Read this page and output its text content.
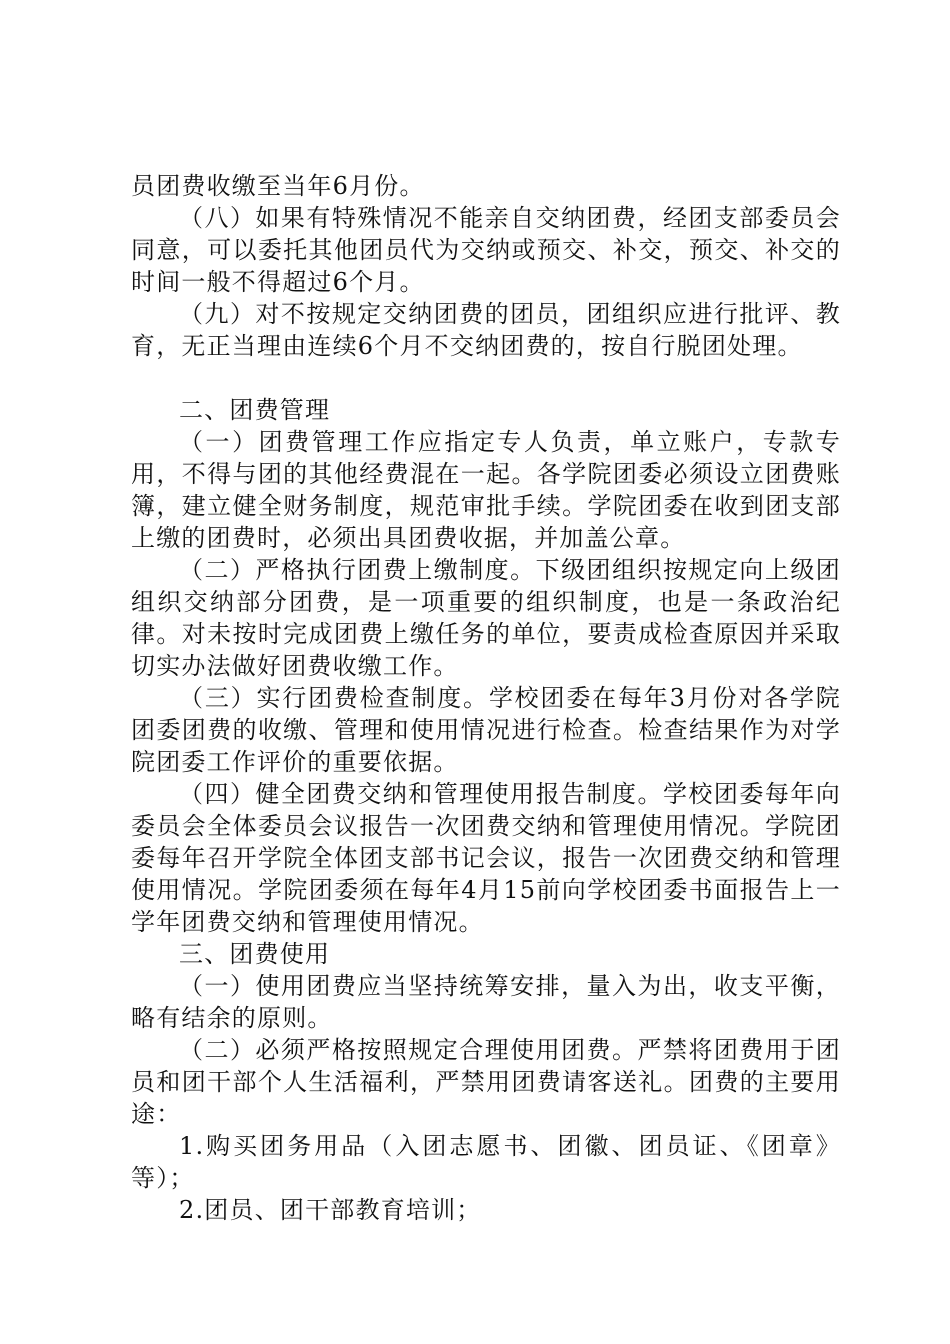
员团费收缴至当年6月份。

（八）如果有特殊情况不能亲自交纳团费，经团支部委员会同意，可以委托其他团员代为交纳或预交、补交，预交、补交的时间一般不得超过6个月。

（九）对不按规定交纳团费的团员，团组织应进行批评、教育，无正当理由连续6个月不交纳团费的，按自行脱团处理。

二、团费管理

（一）团费管理工作应指定专人负责，单立账户，专款专用，不得与团的其他经费混在一起。各学院团委必须设立团费账簿，建立健全财务制度，规范审批手续。学院团委在收到团支部上缴的团费时，必须出具团费收据，并加盖公章。

（二）严格执行团费上缴制度。下级团组织按规定向上级团组织交纳部分团费，是一项重要的组织制度，也是一条政治纪律。对未按时完成团费上缴任务的单位，要责成检查原因并采取切实办法做好团费收缴工作。

（三）实行团费检查制度。学校团委在每年3月份对各学院团委团费的收缴、管理和使用情况进行检查。检查结果作为对学院团委工作评价的重要依据。

（四）健全团费交纳和管理使用报告制度。学校团委每年向委员会全体委员会议报告一次团费交纳和管理使用情况。学院团委每年召开学院全体团支部书记会议，报告一次团费交纳和管理使用情况。学院团委须在每年4月15前向学校团委书面报告上一学年团费交纳和管理使用情况。

三、团费使用

（一）使用团费应当坚持统筹安排，量入为出，收支平衡，略有结余的原则。

（二）必须严格按照规定合理使用团费。严禁将团费用于团员和团干部个人生活福利，严禁用团费请客送礼。团费的主要用途：

1.购买团务用品（入团志愿书、团徽、团员证、《团章》等）；

2.团员、团干部教育培训；
